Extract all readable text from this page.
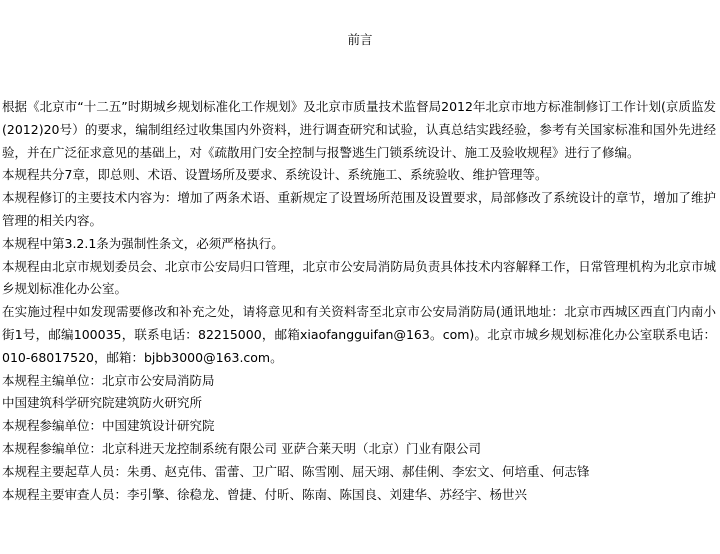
前言

根据《北京市“十二五”时期城乡规划标准化工作规划》及北京市质量技术监督局2012年北京市地方标准制修订工作计划(京质监发(2012)20号）的要求，编制组经过收集国内外资料，进行调查研究和试验，认真总结实践经验，参考有关国家标准和国外先进经验，并在广泛征求意见的基础上，对《疏散用门安全控制与报警逃生门锁系统设计、施工及验收规程》进行了修编。

本规程共分7章，即总则、术语、设置场所及要求、系统设计、系统施工、系统验收、维护管理等。

本规程修订的主要技术内容为：增加了两条术语、重新规定了设置场所范围及设置要求，局部修改了系统设计的章节，增加了维护管理的相关内容。

本规程中第3.2.1条为强制性条文，必须严格执行。

本规程由北京市规划委员会、北京市公安局归口管理，北京市公安局消防局负责具体技术内容解释工作，日常管理机构为北京市城乡规划标准化办公室。

在实施过程中如发现需要修改和补充之处，请将意见和有关资料寄至北京市公安局消防局(通讯地址：北京市西城区西直门内南小街1号，邮编100035，联系电话：82215000，邮箱xiaofangguifan@163。com)。北京市城乡规划标准化办公室联系电话：010-68017520，邮箱：bjbb3000@163.com。

本规程主编单位：北京市公安局消防局

中国建筑科学研究院建筑防火研究所

本规程参编单位：中国建筑设计研究院

本规程参编单位：北京科进天龙控制系统有限公司 亚萨合莱天明（北京）门业有限公司

本规程主要起草人员：朱勇、赵克伟、雷蕾、卫广昭、陈雪刚、屈天翊、郝佳俐、李宏文、何培重、何志锋

本规程主要审查人员：李引擎、徐稳龙、曾捷、付昕、陈南、陈国良、刘建华、苏经宇、杨世兴
